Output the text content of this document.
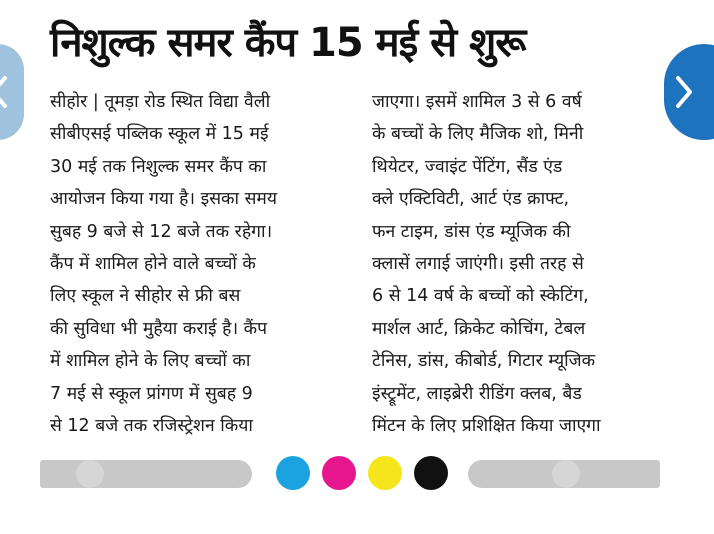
निशुल्क समर कैंप 15 मई से शुरू
सीहोर | तूमड़ा रोड स्थित विद्या वैली
सीबीएसई पब्लिक स्कूल में 15 मई
30 मई तक निशुल्क समर कैंप का
आयोजन किया गया है। इसका समय
सुबह 9 बजे से 12 बजे तक रहेगा।
कैंप में शामिल होने वाले बच्चों के
लिए स्कूल ने सीहोर से फ्री बस
की सुविधा भी मुहैया कराई है। कैंप
में शामिल होने के लिए बच्चों का
7 मई से स्कूल प्रांगण में सुबह 9
से 12 बजे तक रजिस्ट्रेशन किया
जाएगा। इसमें शामिल 3 से 6 वर्ष
के बच्चों के लिए मैजिक शो, मिनी
थियेटर, ज्वाइंट पेंटिंग, सैंड एंड
क्ले एक्टिविटी, आर्ट एंड क्राफ्ट,
फन टाइम, डांस एंड म्यूजिक की
क्लासें लगाई जाएंगी। इसी तरह से
6 से 14 वर्ष के बच्चों को स्केटिंग,
मार्शल आर्ट, क्रिकेट कोचिंग, टेबल
टेनिस, डांस, कीबोर्ड, गिटार म्यूजिक
इंस्ट्रूमेंट, लाइब्रेरी रीडिंग क्लब, बैड
मिंटन के लिए प्रशिक्षित किया जाएगा
